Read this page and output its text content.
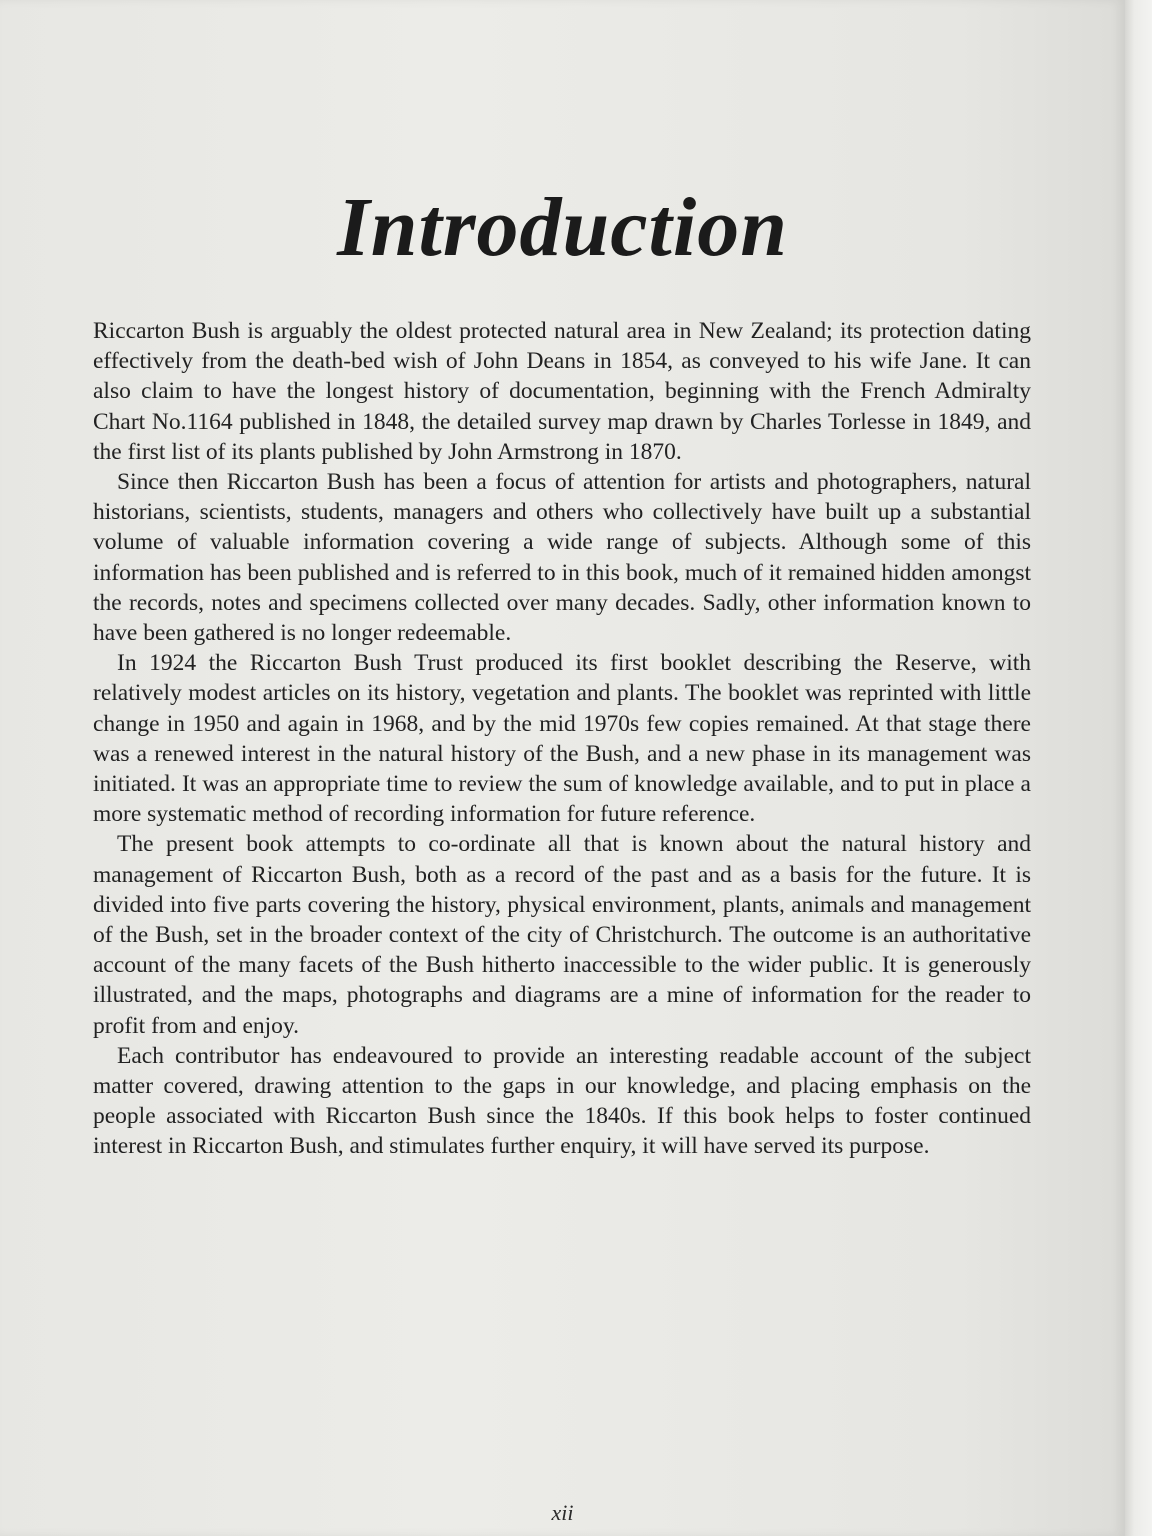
Introduction

Riccarton Bush is arguably the oldest protected natural area in New Zealand; its protection dating effectively from the death-bed wish of John Deans in 1854, as conveyed to his wife Jane. It can also claim to have the longest history of documentation, beginning with the French Admiralty Chart No.1164 published in 1848, the detailed survey map drawn by Charles Torlesse in 1849, and the first list of its plants published by John Armstrong in 1870.

Since then Riccarton Bush has been a focus of attention for artists and photographers, natural historians, scientists, students, managers and others who collectively have built up a substantial volume of valuable information covering a wide range of subjects. Although some of this information has been published and is referred to in this book, much of it remained hidden amongst the records, notes and specimens collected over many decades. Sadly, other information known to have been gathered is no longer redeemable.

In 1924 the Riccarton Bush Trust produced its first booklet describing the Reserve, with relatively modest articles on its history, vegetation and plants. The booklet was reprinted with little change in 1950 and again in 1968, and by the mid 1970s few copies remained. At that stage there was a renewed interest in the natural history of the Bush, and a new phase in its management was initiated. It was an appropriate time to review the sum of knowledge available, and to put in place a more systematic method of recording information for future reference.

The present book attempts to co-ordinate all that is known about the natural history and management of Riccarton Bush, both as a record of the past and as a basis for the future. It is divided into five parts covering the history, physical environment, plants, animals and management of the Bush, set in the broader context of the city of Christchurch. The outcome is an authoritative account of the many facets of the Bush hitherto inaccessible to the wider public. It is generously illustrated, and the maps, photographs and diagrams are a mine of information for the reader to profit from and enjoy.

Each contributor has endeavoured to provide an interesting readable account of the subject matter covered, drawing attention to the gaps in our knowledge, and placing emphasis on the people associated with Riccarton Bush since the 1840s. If this book helps to foster continued interest in Riccarton Bush, and stimulates further enquiry, it will have served its purpose.

xii
